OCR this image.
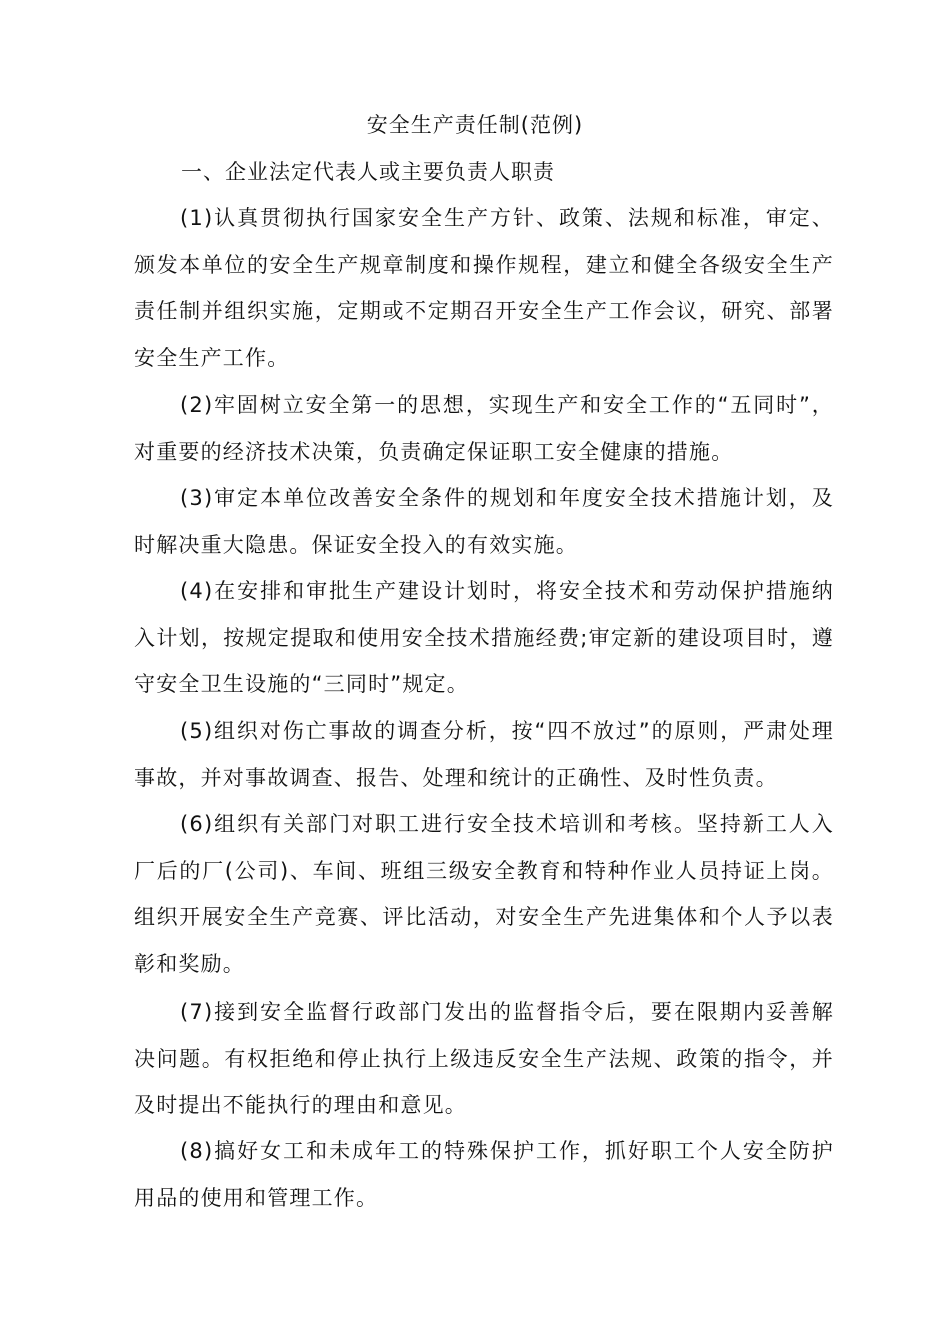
安全生产责任制(范例)
一、企业法定代表人或主要负责人职责

(1)认真贯彻执行国家安全生产方针、政策、法规和标准，审定、颁发本单位的安全生产规章制度和操作规程，建立和健全各级安全生产责任制并组织实施，定期或不定期召开安全生产工作会议，研究、部署安全生产工作。

(2)牢固树立安全第一的思想，实现生产和安全工作的“五同时”，对重要的经济技术决策，负责确定保证职工安全健康的措施。

(3)审定本单位改善安全条件的规划和年度安全技术措施计划，及时解决重大隐患。保证安全投入的有效实施。

(4)在安排和审批生产建设计划时，将安全技术和劳动保护措施纳入计划，按规定提取和使用安全技术措施经费;审定新的建设项目时，遵守安全卫生设施的“三同时”规定。

(5)组织对伤亡事故的调查分析，按“四不放过”的原则，严肃处理事故，并对事故调查、报告、处理和统计的正确性、及时性负责。

(6)组织有关部门对职工进行安全技术培训和考核。坚持新工人入厂后的厂(公司)、车间、班组三级安全教育和特种作业人员持证上岗。组织开展安全生产竞赛、评比活动，对安全生产先进集体和个人予以表彰和奖励。

(7)接到安全监督行政部门发出的监督指令后，要在限期内妥善解决问题。有权拒绝和停止执行上级违反安全生产法规、政策的指令，并及时提出不能执行的理由和意见。

(8)搞好女工和未成年工的特殊保护工作，抓好职工个人安全防护用品的使用和管理工作。
